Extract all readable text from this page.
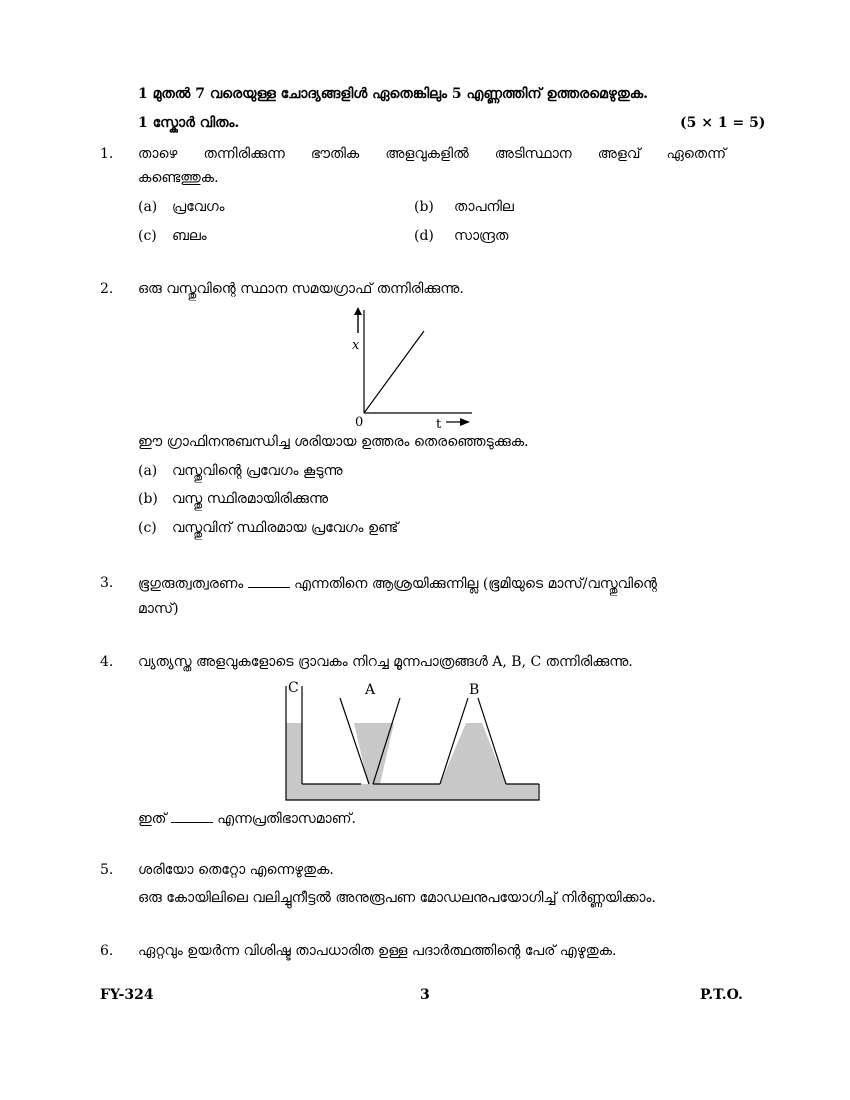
1 മുതൽ 7 വരെയുള്ള ചോദ്യങ്ങളിൾ ഏതെങ്കിലും 5 എണ്ണത്തിന് ഉത്തരമെഴുതുക.
1 സ്കോർ വിതം.	(5 × 1 = 5)
1. താഴെ തന്നിരിക്കുന്ന ഭൗതിക അളവുകളിൽ അടിസ്ഥാന അളവ് ഏതെന്ന്
കണ്ടെത്തുക.
(a) പ്രവേഗം	(b) താപനില
(c) ബലം	(d) സാന്ദ്രത
2. ഒരു വസ്തുവിന്റെ സ്ഥാന സമയഗ്രാഫ് തന്നിരിക്കുന്നു.
x
0	t
ഈ ഗ്രാഫിനനുബന്ധിച്ച ശരിയായ ഉത്തരം തെരഞ്ഞെടുക്കുക.
(a) വസ്തുവിന്റെ പ്രവേഗം കൂടുന്നു
(b) വസ്തു സ്ഥിരമായിരിക്കുന്നു
(c) വസ്തുവിന് സ്ഥിരമായ പ്രവേഗം ഉണ്ട്
3. ഭൂഗുരുത്വത്വരണം	എന്നതിനെ ആശ്രയിക്കുന്നില്ല (ഭൂമിയുടെ മാസ്/വസ്തുവിന്റെ
മാസ്)
4. വ്യത്യസ്ത അളവുകളോടെ ദ്രാവകം നിറച്ച മൂന്നപാത്രങ്ങൾ A, B, C തന്നിരിക്കുന്നു.
C	A	B
ഇത്	എന്നപ്രതിഭാസമാണ്.
5. ശരിയോ തെറ്റോ എന്നെഴുതുക.
ഒരു കോയിലിലെ വലിച്ചുനീട്ടൽ അനുരൂപണ മോഡലനുപയോഗിച്ച് നിർണ്ണയിക്കാം.
6. ഏറ്റവും ഉയർന്ന വിശിഷ്ട താപധാരിത ഉള്ള പദാർത്ഥത്തിന്റെ പേര് എഴുതുക.
FY-324	3	P.T.O.
